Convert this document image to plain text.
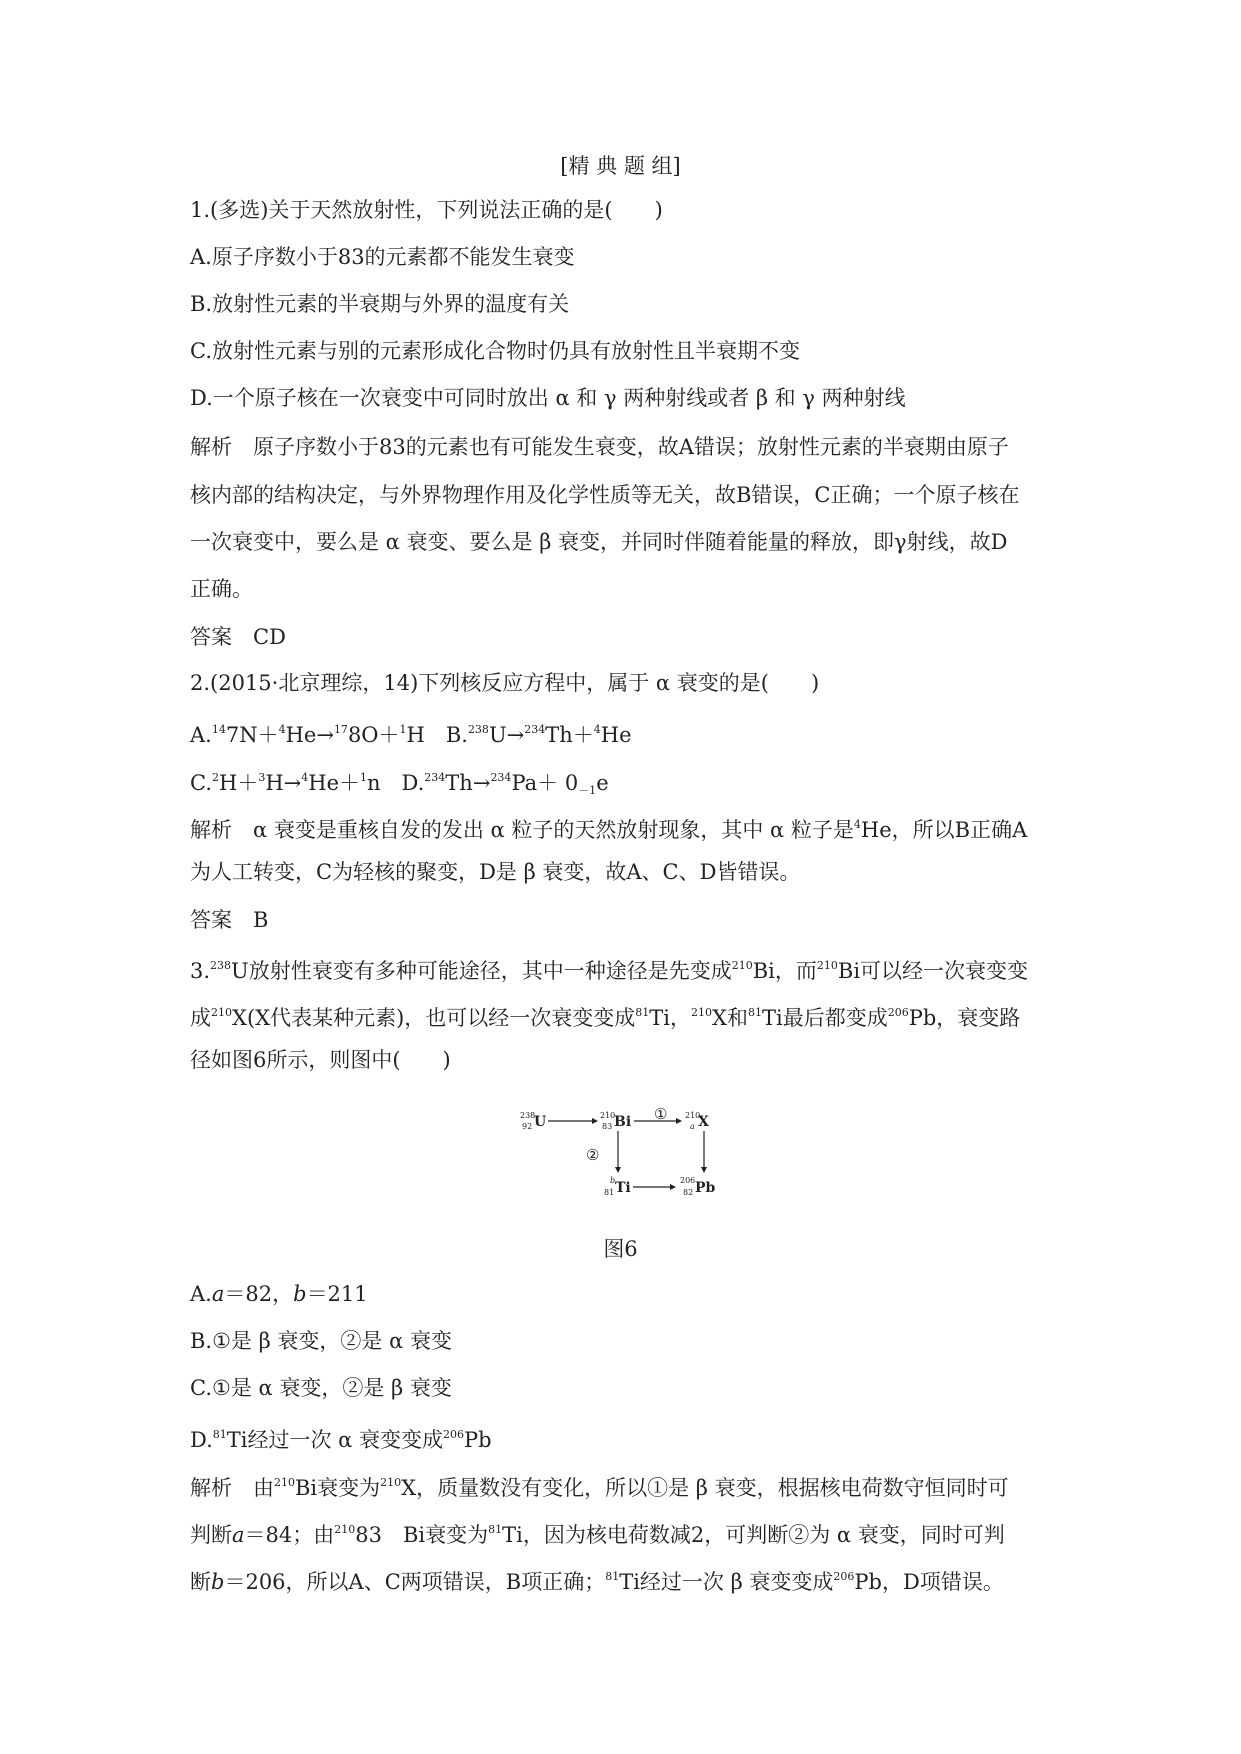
[精 典 题 组]
1.(多选)关于天然放射性，下列说法正确的是(　　)
A.原子序数小于83的元素都不能发生衰变
B.放射性元素的半衰期与外界的温度有关
C.放射性元素与别的元素形成化合物时仍具有放射性且半衰期不变
D.一个原子核在一次衰变中可同时放出 α 和 γ 两种射线或者 β 和 γ 两种射线
解析　原子序数小于83的元素也有可能发生衰变，故A错误；放射性元素的半衰期由原子
核内部的结构决定，与外界物理作用及化学性质等无关，故B错误，C正确；一个原子核在
一次衰变中，要么是 α 衰变、要么是 β 衰变，并同时伴随着能量的释放，即γ射线，故D
正确。
答案　CD
2.(2015·北京理综，14)下列核反应方程中，属于 α 衰变的是(　　)
A.$^{14}$7N＋$^4$He→$^{17}$8O＋$^1$H　B.$^{238}$U→$^{234}$Th＋$^4$He
C.$^2$H＋$^3$H→$^4$He＋$^1$n　$D.^{234}Th\to^{234}Pa+ 0_{-1}e$
解析　α 衰变是重核自发的发出 α 粒子的天然放射现象，其中 α 粒子是$^4$He，所以B正确A
为人工转变，C为轻核的聚变，D是 β 衰变，故A、C、D皆错误。
答案　B
3.$^{238}$U放射性衰变有多种可能途径，其中一种途径是先变成$^{210}$Bi，而$^{210}$Bi可以经一次衰变变
成$^{210}$X(X代表某种元素)，也可以经一次衰变变成$^{81}$Ti，$^{210}$X和$^{81}$Ti最后都变成$^{206}$Pb，衰变路
径如图6所示，则图中(　　)
238
92 U	210
83 Bi	210
a X
b
81 Ti	206
82 Pb
①
②
图6
A.a＝82，b＝211
B.①是 β 衰变，②是 α 衰变
C.①是 α 衰变，②是 β 衰变
D.$^{81}$Ti经过一次 α 衰变变成$^{206}$Pb
解析　由$^{210}$Bi衰变为$^{210}$X，质量数没有变化，所以①是 β 衰变，根据核电荷数守恒同时可
判断a＝84；由$^{210}$83　Bi衰变为$^{81}$Ti，因为核电荷数减2，可判断②为 α 衰变，同时可判
断b＝206，所以A、C两项错误，B项正确；$^{81}$Ti经过一次 β 衰变变成$^{206}$Pb，D项错误。
